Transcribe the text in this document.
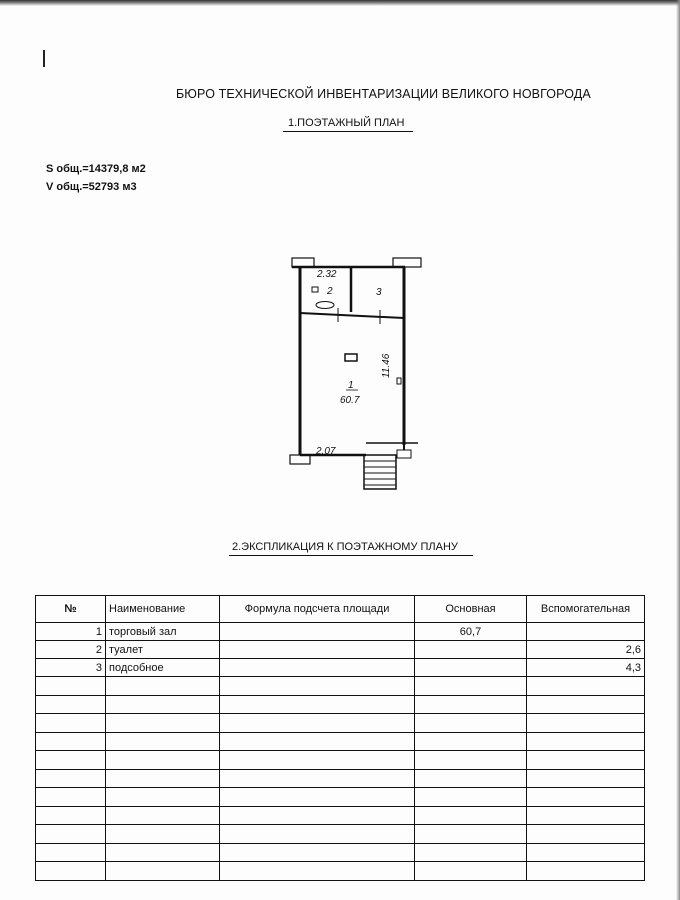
БЮРО ТЕХНИЧЕСКОЙ ИНВЕНТАРИЗАЦИИ ВЕЛИКОГО НОВГОРОДА
1.ПОЭТАЖНЫЙ ПЛАН
S общ.=14379,8 м2
V общ.=52793 м3
2.32
2	3
1
60.7
11.46
2.07
2.ЭКСПЛИКАЦИЯ К ПОЭТАЖНОМУ ПЛАНУ
№	Наименование	Формула подсчета площади	Основная	Вспомогательная
1	торговый зал		60,7	
2	туалет			2,6
3	подсобное			4,3
